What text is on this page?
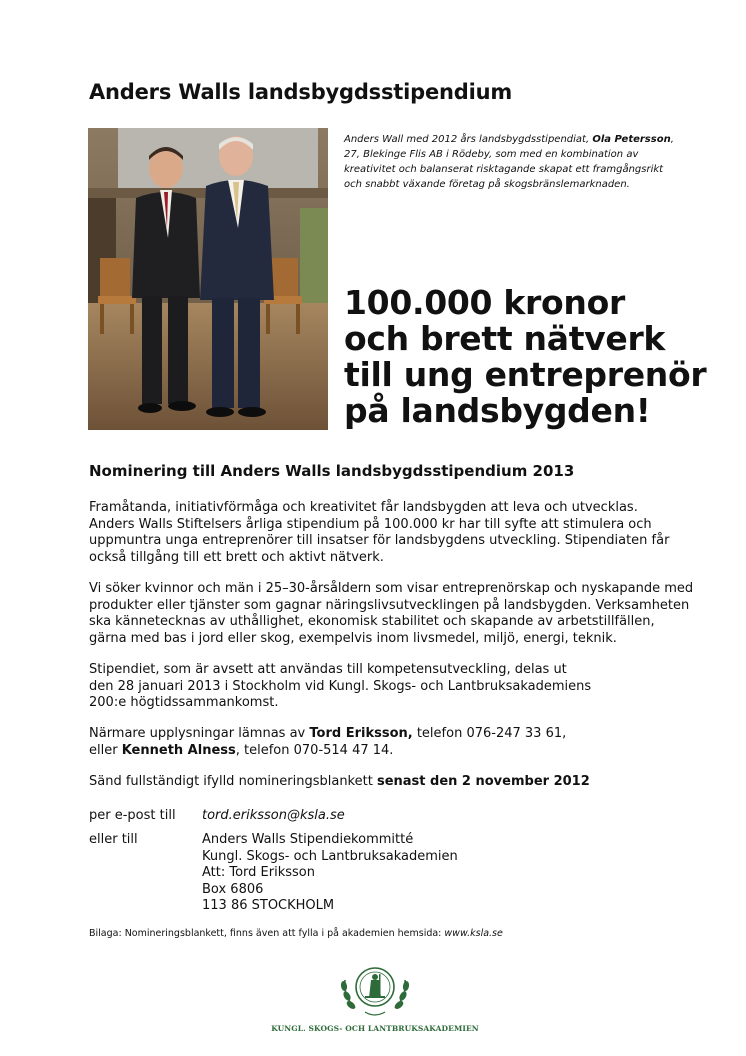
Anders Walls landsbygdsstipendium

Anders Wall med 2012 års landsbygdsstipendiat, Ola Petersson, 27, Blekinge Flis AB i Rödeby, som med en kombination av kreativitet och balanserat risktagande skapat ett framgångsrikt och snabbt växande företag på skogsbränslemarknaden.

100.000 kronor
och brett nätverk
till ung entreprenör
på landsbygden!
Nominering till Anders Walls landsbygdsstipendium 2013

Framåtanda, initiativförmåga och kreativitet får landsbygden att leva och utvecklas.
Anders Walls Stiftelsers årliga stipendium på 100.000 kr har till syfte att stimulera och
uppmuntra unga entreprenörer till insatser för landsbygdens utveckling. Stipendiaten får
också tillgång till ett brett och aktivt nätverk.

Vi söker kvinnor och män i 25–30-årsåldern som visar entreprenörskap och nyskapande med
produkter eller tjänster som gagnar näringslivsutvecklingen på landsbygden. Verksamheten
ska kännetecknas av uthållighet, ekonomisk stabilitet och skapande av arbetstillfällen,
gärna med bas i jord eller skog, exempelvis inom livsmedel, miljö, energi, teknik.

Stipendiet, som är avsett att användas till kompetensutveckling, delas ut
den 28 januari 2013 i Stockholm vid Kungl. Skogs- och Lantbruksakademiens
200:e högtidssammankomst.

Närmare upplysningar lämnas av Tord Eriksson, telefon 076-247 33 61,
eller Kenneth Alness, telefon 070-514 47 14.

Sänd fullständigt ifylld nomineringsblankett senast den 2 november 2012

per e-post till tord.eriksson@ksla.se
eller till	Anders Walls Stipendiekommitté
Kungl. Skogs- och Lantbruksakademien
Att: Tord Eriksson
Box 6806
113 86 STOCKHOLM
Bilaga: Nomineringsblankett, finns även att fylla i på akademien hemsida: www.ksla.se
KUNGL. SKOGS- OCH LANTBRUKSAKADEMIEN
